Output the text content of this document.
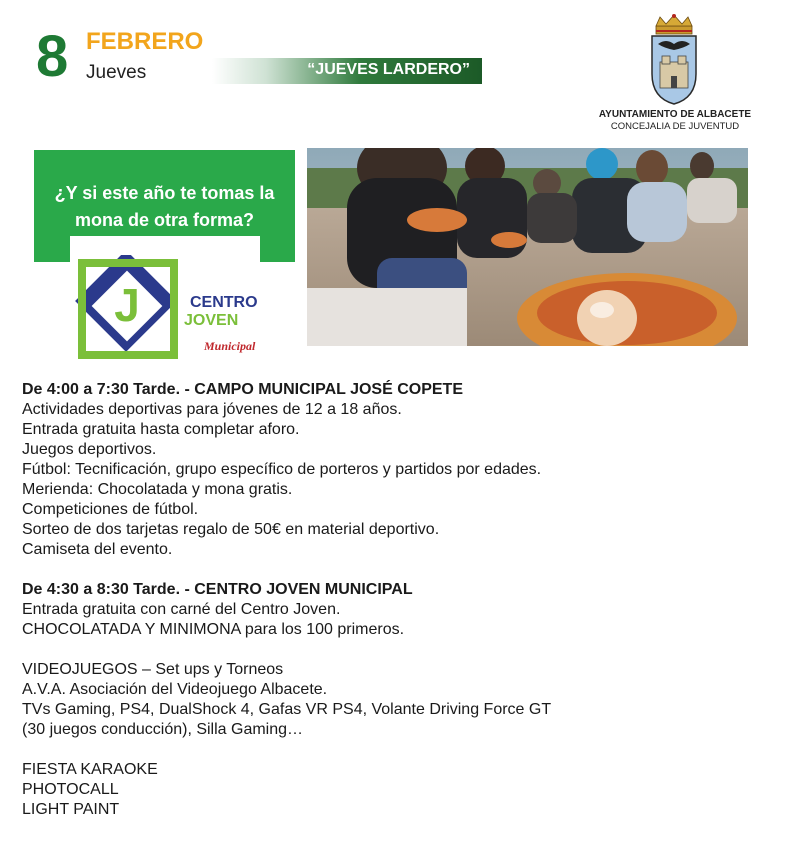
8 FEBRERO
Jueves	“JUEVES LARDERO”
AYUNTAMIENTO DE ALBACETE
CONCEJALIA DE JUVENTUD
¿Y si este año te tomas la
mona de otra forma?
J	CENTRO
JOVEN
Municipal

De 4:00 a 7:30 Tarde. - CAMPO MUNICIPAL JOSÉ COPETE

Actividades deportivas para jóvenes de 12 a 18 años.

Entrada gratuita hasta completar aforo.

Juegos deportivos.

Fútbol: Tecnificación, grupo específico de porteros y partidos por edades.

Merienda: Chocolatada y mona gratis.

Competiciones de fútbol.

Sorteo de dos tarjetas regalo de 50€ en material deportivo.

Camiseta del evento.

De 4:30 a 8:30 Tarde. - CENTRO JOVEN MUNICIPAL

Entrada gratuita con carné del Centro Joven.

CHOCOLATADA Y MINIMONA para los 100 primeros.

VIDEOJUEGOS – Set ups y Torneos

A.V.A. Asociación del Videojuego Albacete.

TVs Gaming, PS4, DualShock 4, Gafas VR PS4, Volante Driving Force GT (30 juegos conducción), Silla Gaming…

FIESTA KARAOKE

PHOTOCALL

LIGHT PAINT
